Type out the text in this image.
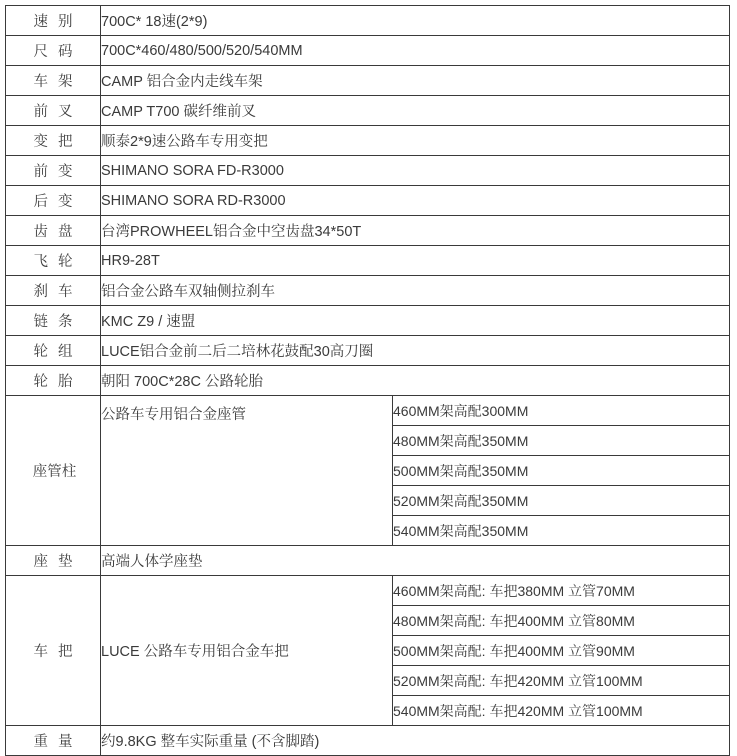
速 别	700C* 18速(2*9)	
尺 码	700C*460/480/500/520/540MM	
车 架	CAMP 铝合金内走线车架	
前 叉	CAMP T700 碳纤维前叉	
变 把	顺泰2*9速公路车专用变把	
前 变	SHIMANO SORA FD-R3000	
后 变	SHIMANO SORA RD-R3000	
齿 盘	台湾PROWHEEL铝合金中空齿盘34*50T	
飞 轮	HR9-28T	
刹 车	铝合金公路车双轴侧拉刹车	
链 条	KMC Z9 / 速盟	
轮 组	LUCE铝合金前二后二培林花鼓配30高刀圈	
轮 胎	朝阳 700C*28C 公路轮胎	
座管柱	公路车专用铝合金座管	460MM架高配300MM
		480MM架高配350MM
		500MM架高配350MM
		520MM架高配350MM
		540MM架高配350MM
座 垫	高端人体学座垫	
车 把	LUCE 公路车专用铝合金车把	460MM架高配: 车把380MM 立管70MM
		480MM架高配: 车把400MM 立管80MM
		500MM架高配: 车把400MM 立管90MM
		520MM架高配: 车把420MM 立管100MM
		540MM架高配: 车把420MM 立管100MM
重 量	约9.8KG 整车实际重量 (不含脚踏)	
